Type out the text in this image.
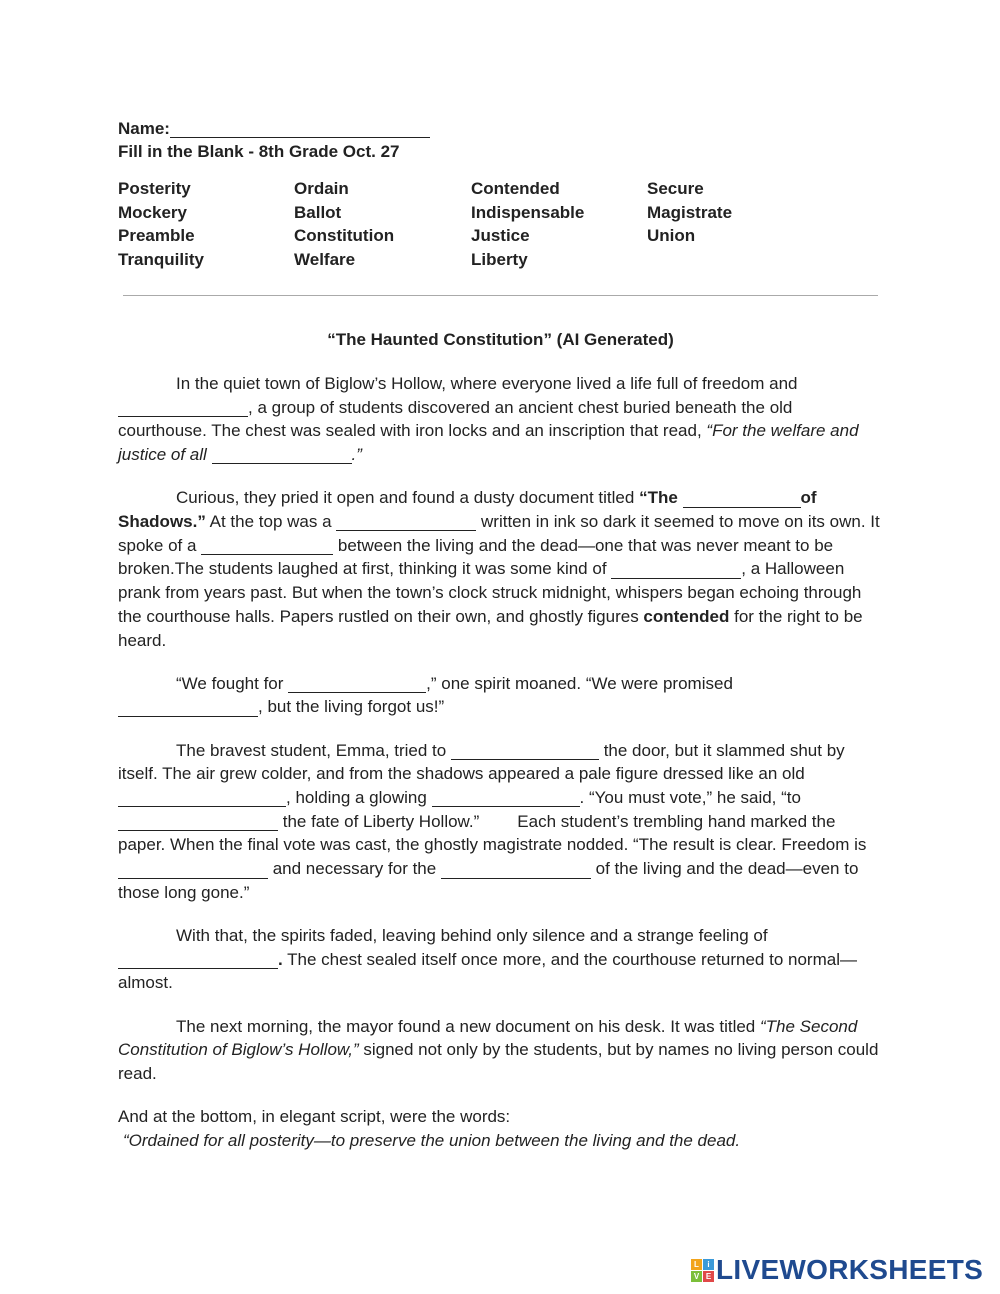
Name:
Fill in the Blank - 8th Grade Oct. 27
Posterity	Ordain	Contended	Secure
Mockery	Ballot	Indispensable	Magistrate
Preamble	Constitution	Justice	Union
Tranquility	Welfare	Liberty
“The Haunted Constitution” (AI Generated)

In the quiet town of Biglow’s Hollow, where everyone lived a life full of freedom and
, a group of students discovered an ancient chest buried beneath the old courthouse. The chest was sealed with iron locks and an inscription that read, “For the welfare and justice of all	.”

Curious, they pried it open and found a dusty document titled “The	of Shadows.” At the top was a	written in ink so dark it seemed to move on its own. It spoke of a	between the living and the dead—one that was never meant to be broken.The students laughed at first, thinking it was some kind of	, a Halloween prank from years past. But when the town’s clock struck midnight, whispers began echoing through the courthouse halls. Papers rustled on their own, and ghostly figures contended for the right to be heard.

“We fought for	,” one spirit moaned. “We were promised
, but the living forgot us!”

The bravest student, Emma, tried to	the door, but it slammed shut by itself. The air grew colder, and from the shadows appeared a pale figure dressed like an old , holding a glowing	. “You must vote,” he said, “to  the fate of Liberty Hollow.” Each student’s trembling hand marked the paper. When the final vote was cast, the ghostly magistrate nodded. “The result is clear. Freedom is  and necessary for the	of the living and the dead—even to those long gone.”

With that, the spirits faded, leaving behind only silence and a strange feeling of
. The chest sealed itself once more, and the courthouse returned to normal—almost.

The next morning, the mayor found a new document on his desk. It was titled “The Second Constitution of Biglow’s Hollow,” signed not only by the students, but by names no living person could read.

And at the bottom, in elegant script, were the words:
“Ordained for all posterity—to preserve the union between the living and the dead.

L	i
V E LIVEWORKSHEETS
